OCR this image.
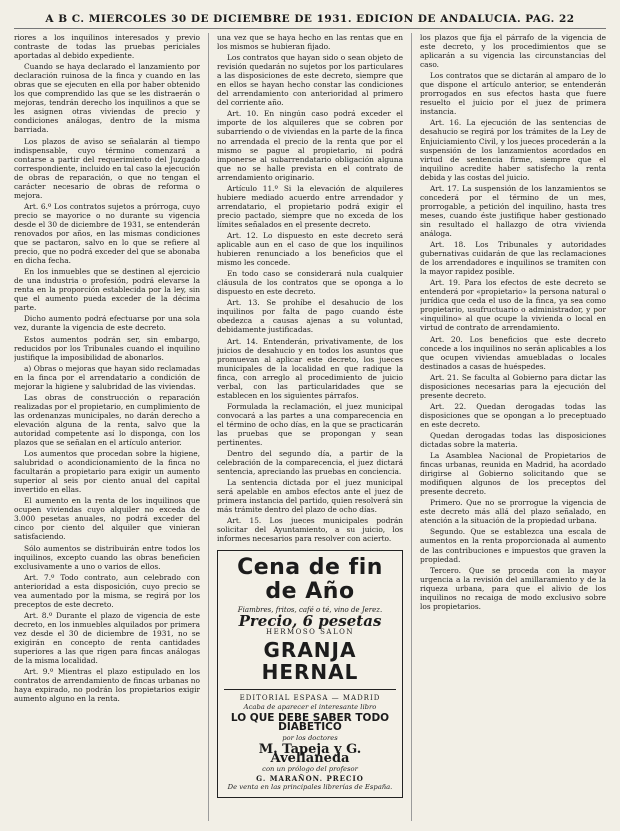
A B C. MIERCOLES 30 DE DICIEMBRE DE 1931. EDICION DE ANDALUCIA. PAG. 22

riores a los inquilinos interesados y previo contraste de todas las pruebas periciales aportadas al debido expediente.

Cuando se haya declarado el lanzamiento por declaración ruinosa de la finca y cuando en las obras que se ejecuten en ella por haber obtenido los que comprendido las que se les distraerán o mejoras, tendrán derecho los inquilinos a que se les asignen otras viviendas de precio y condiciones análogas, dentro de la misma barriada.

Los plazos de aviso se señalarán al tiempo indispensable, cuyo término comenzará a contarse a partir del requerimiento del Juzgado correspondiente, incluido en tal caso la ejecución de obras de reparación, o que no tengan el carácter necesario de obras de reforma o mejora.

Art. 6.º Los contratos sujetos a prórroga, cuyo precio se mayorice o no durante su vigencia desde el 30 de diciembre de 1931, se entenderán renovados por años, en las mismas condiciones que se pactaron, salvo en lo que se refiere al precio, que no podrá exceder del que se abonaba en dicha fecha.

En los inmuebles que se destinen al ejercicio de una industria o profesión, podrá elevarse la renta en la proporción establecida por la ley, sin que el aumento pueda exceder de la décima parte.

Dicho aumento podrá efectuarse por una sola vez, durante la vigencia de este decreto.

Estos aumentos podrán ser, sin embargo, reducidos por los Tribunales cuando el inquilino justifique la imposibilidad de abonarlos.

a) Obras o mejoras que hayan sido reclamadas en la finca por el arrendatario a condición de mejorar la higiene y salubridad de las viviendas.

Las obras de construcción o reparación realizadas por el propietario, en cumplimiento de las ordenanzas municipales, no darán derecho a elevación alguna de la renta, salvo que la autoridad competente así lo disponga, con los plazos que se señalan en el artículo anterior.

Los aumentos que procedan sobre la higiene, salubridad o acondicionamiento de la finca no facultarán a propietario para exigir un aumento superior al seis por ciento anual del capital invertido en ellas.

El aumento en la renta de los inquilinos que ocupen viviendas cuyo alquiler no exceda de 3.000 pesetas anuales, no podrá exceder del cinco por ciento del alquiler que vinieran satisfaciendo.

Sólo aumentos se distribuirán entre todos los inquilinos, excepto cuando las obras beneficien exclusivamente a uno o varios de ellos.

Art. 7.º Todo contrato, aun celebrado con anterioridad a esta disposición, cuyo precio se vea aumentado por la misma, se regirá por los preceptos de este decreto.

Art. 8.º Durante el plazo de vigencia de este decreto, en los inmuebles alquilados por primera vez desde el 30 de diciembre de 1931, no se exigirán en concepto de renta cantidades superiores a las que rigen para fincas análogas de la misma localidad.

Art. 9.º Mientras el plazo estipulado en los contratos de arrendamiento de fincas urbanas no haya expirado, no podrán los propietarios exigir aumento alguno en la renta.

una vez que se haya hecho en las rentas que en los mismos se hubieran fijado.

Los contratos que hayan sido o sean objeto de revisión quedarán no sujetos por los particulares a las disposiciones de este decreto, siempre que en ellos se hayan hecho constar las condiciones del arrendamiento con anterioridad al primero del corriente año.

Art. 10. En ningún caso podrá exceder el importe de los alquileres que se cobren por subarriendo o de viviendas en la parte de la finca no arrendada el precio de la renta que por el mismo se pague al propietario, ni podrá imponerse al subarrendatario obligación alguna que no se halle prevista en el contrato de arrendamiento originario.

Artículo 11.º Si la elevación de alquileres hubiere mediado acuerdo entre arrendador y arrendatario, el propietario podrá exigir el precio pactado, siempre que no exceda de los límites señalados en el presente decreto.

Art. 12. Lo dispuesto en este decreto será aplicable aun en el caso de que los inquilinos hubieren renunciado a los beneficios que el mismo les concede.

En todo caso se considerará nula cualquier cláusula de los contratos que se oponga a lo dispuesto en este decreto.

Art. 13. Se prohíbe el desahucio de los inquilinos por falta de pago cuando éste obedezca a causas ajenas a su voluntad, debidamente justificadas.

Art. 14. Entenderán, privativamente, de los juicios de desahucio y en todos los asuntos que promuevan al aplicar este decreto, los jueces municipales de la localidad en que radique la finca, con arreglo al procedimiento de juicio verbal, con las particularidades que se establecen en los siguientes párrafos.

Formulada la reclamación, el juez municipal convocará a las partes a una comparecencia en el término de ocho días, en la que se practicarán las pruebas que se propongan y sean pertinentes.

Dentro del segundo día, a partir de la celebración de la comparecencia, el juez dictará sentencia, apreciando las pruebas en conciencia.

La sentencia dictada por el juez municipal será apelable en ambos efectos ante el juez de primera instancia del partido, quien resolverá sin más trámite dentro del plazo de ocho días.

Art. 15. Los jueces municipales podrán solicitar del Ayuntamiento, a su juicio, los informes necesarios para resolver con acierto.

Cena de fin de Año
Fiambres, fritos, café o té, vino de Jerez.
Precio, 6 pesetas
HERMOSO SALON
GRANJA HERNAL
EDITORIAL ESPASA — MADRID
Acaba de aparecer el interesante libro
LO QUE DEBE SABER TODO DIABETICO
por los doctores
M. Tapeja y G. Avellaneda
con un prólogo del profesor
G. MARAÑON. PRECIO
De venta en las principales librerías de España.

los plazos que fija el párrafo de la vigencia de este decreto, y los procedimientos que se aplicarán a su vigencia las circunstancias del caso.

Los contratos que se dictarán al amparo de lo que dispone el artículo anterior, se entenderán prorrogados en sus efectos hasta que fuere resuelto el juicio por el juez de primera instancia.

Art. 16. La ejecución de las sentencias de desahucio se regirá por los trámites de la Ley de Enjuiciamiento Civil, y los jueces procederán a la suspensión de los lanzamientos acordados en virtud de sentencia firme, siempre que el inquilino acredite haber satisfecho la renta debida y las costas del juicio.

Art. 17. La suspensión de los lanzamientos se concederá por el término de un mes, prorrogable, a petición del inquilino, hasta tres meses, cuando éste justifique haber gestionado sin resultado el hallazgo de otra vivienda análoga.

Art. 18. Los Tribunales y autoridades gubernativas cuidarán de que las reclamaciones de los arrendadores e inquilinos se tramiten con la mayor rapidez posible.

Art. 19. Para los efectos de este decreto se entenderá por «propietario» la persona natural o jurídica que ceda el uso de la finca, ya sea como propietario, usufructuario o administrador, y por «inquilino» al que ocupe la vivienda o local en virtud de contrato de arrendamiento.

Art. 20. Los beneficios que este decreto concede a los inquilinos no serán aplicables a los que ocupen viviendas amuebladas o locales destinados a casas de huéspedes.

Art. 21. Se faculta al Gobierno para dictar las disposiciones necesarias para la ejecución del presente decreto.

Art. 22. Quedan derogadas todas las disposiciones que se opongan a lo preceptuado en este decreto.

Quedan derogadas todas las disposiciones dictadas sobre la materia.

La Asamblea Nacional de Propietarios de fincas urbanas, reunida en Madrid, ha acordado dirigirse al Gobierno solicitando que se modifiquen algunos de los preceptos del presente decreto.

Primero. Que no se prorrogue la vigencia de este decreto más allá del plazo señalado, en atención a la situación de la propiedad urbana.

Segundo. Que se establezca una escala de aumentos en la renta proporcionada al aumento de las contribuciones e impuestos que graven la propiedad.

Tercero. Que se proceda con la mayor urgencia a la revisión del amillaramiento y de la riqueza urbana, para que el alivio de los inquilinos no recaiga de modo exclusivo sobre los propietarios.
